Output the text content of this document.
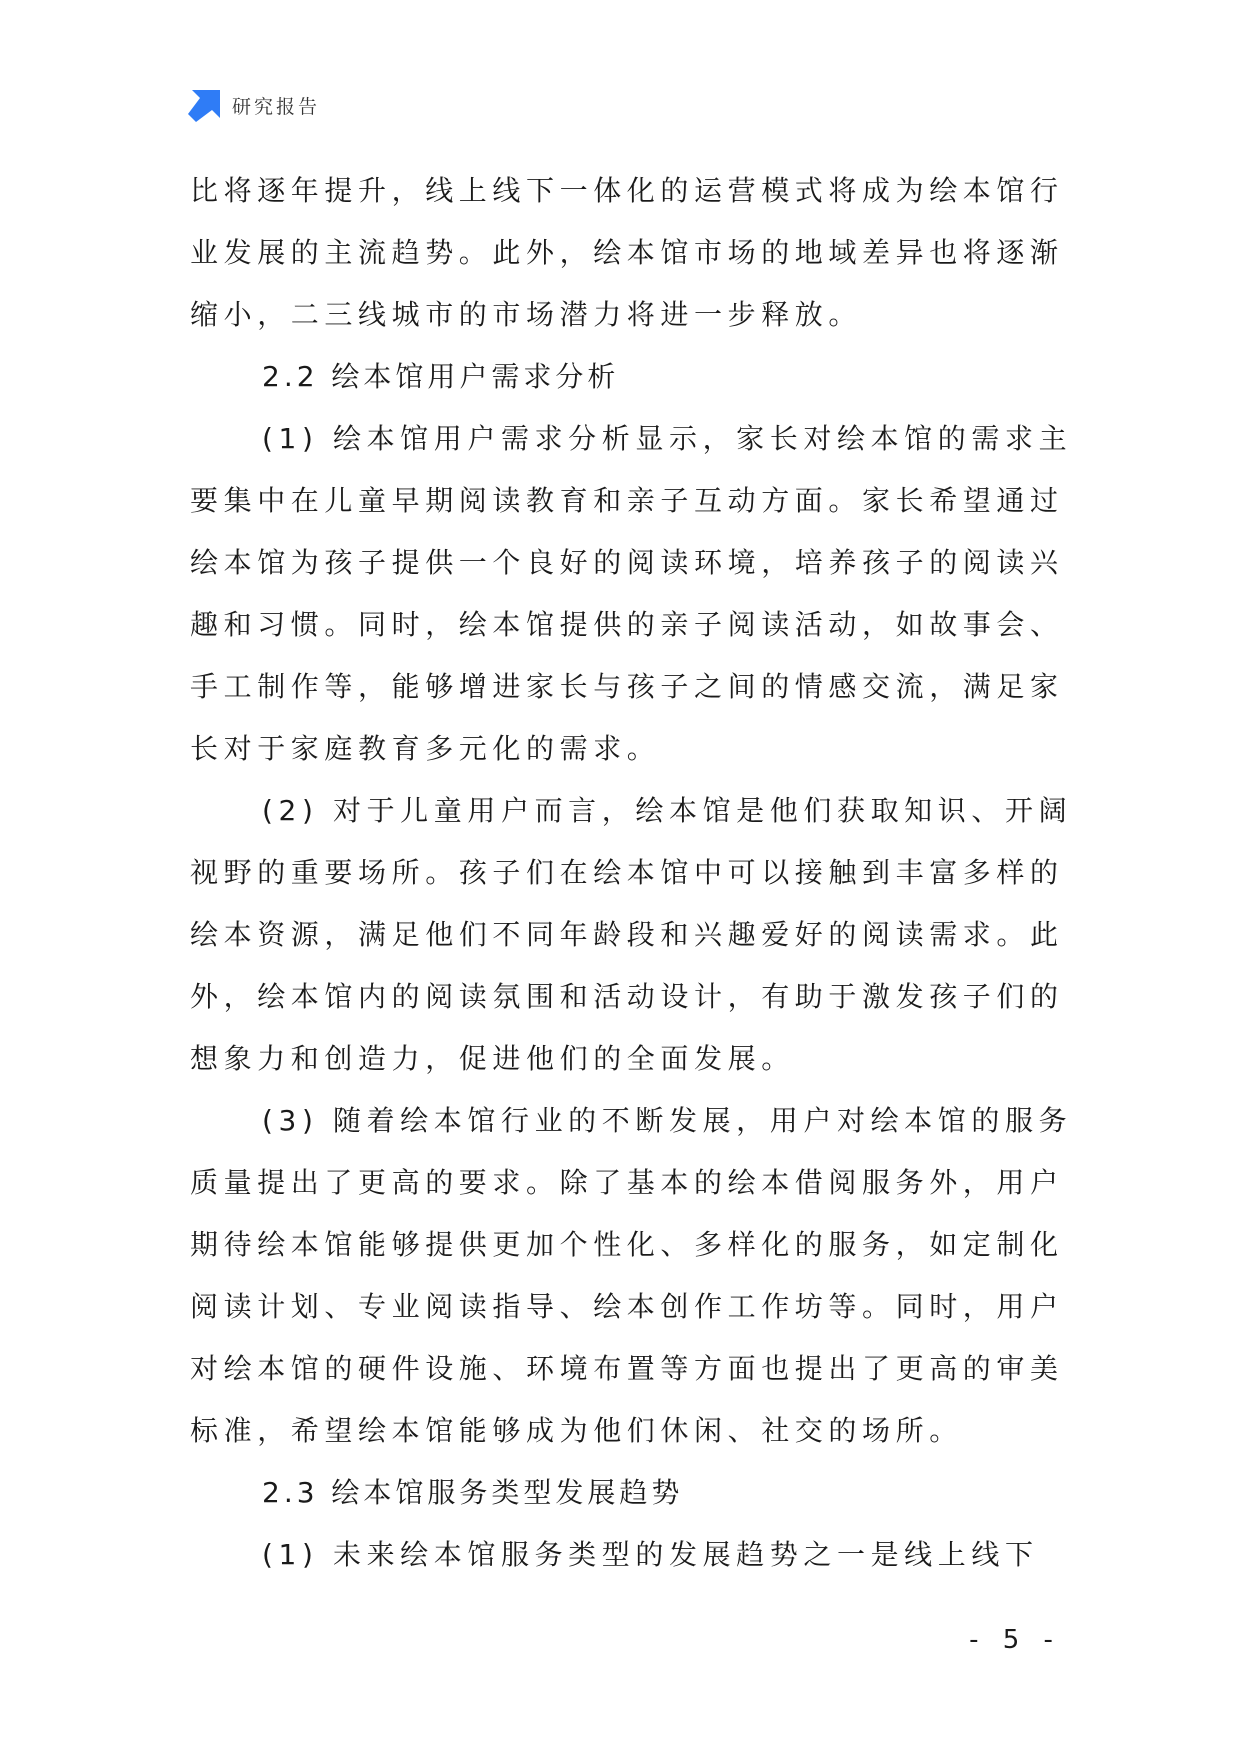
研究报告
比将逐年提升，线上线下一体化的运营模式将成为绘本馆行
业发展的主流趋势。此外，绘本馆市场的地域差异也将逐渐
缩小，二三线城市的市场潜力将进一步释放。
2.2 绘本馆用户需求分析
(1) 绘本馆用户需求分析显示，家长对绘本馆的需求主
要集中在儿童早期阅读教育和亲子互动方面。家长希望通过
绘本馆为孩子提供一个良好的阅读环境，培养孩子的阅读兴
趣和习惯。同时，绘本馆提供的亲子阅读活动，如故事会、
手工制作等，能够增进家长与孩子之间的情感交流，满足家
长对于家庭教育多元化的需求。
(2) 对于儿童用户而言，绘本馆是他们获取知识、开阔
视野的重要场所。孩子们在绘本馆中可以接触到丰富多样的
绘本资源，满足他们不同年龄段和兴趣爱好的阅读需求。此
外，绘本馆内的阅读氛围和活动设计，有助于激发孩子们的
想象力和创造力，促进他们的全面发展。
(3) 随着绘本馆行业的不断发展，用户对绘本馆的服务
质量提出了更高的要求。除了基本的绘本借阅服务外，用户
期待绘本馆能够提供更加个性化、多样化的服务，如定制化
阅读计划、专业阅读指导、绘本创作工作坊等。同时，用户
对绘本馆的硬件设施、环境布置等方面也提出了更高的审美
标准，希望绘本馆能够成为他们休闲、社交的场所。
2.3 绘本馆服务类型发展趋势
(1) 未来绘本馆服务类型的发展趋势之一是线上线下
- 5 -
